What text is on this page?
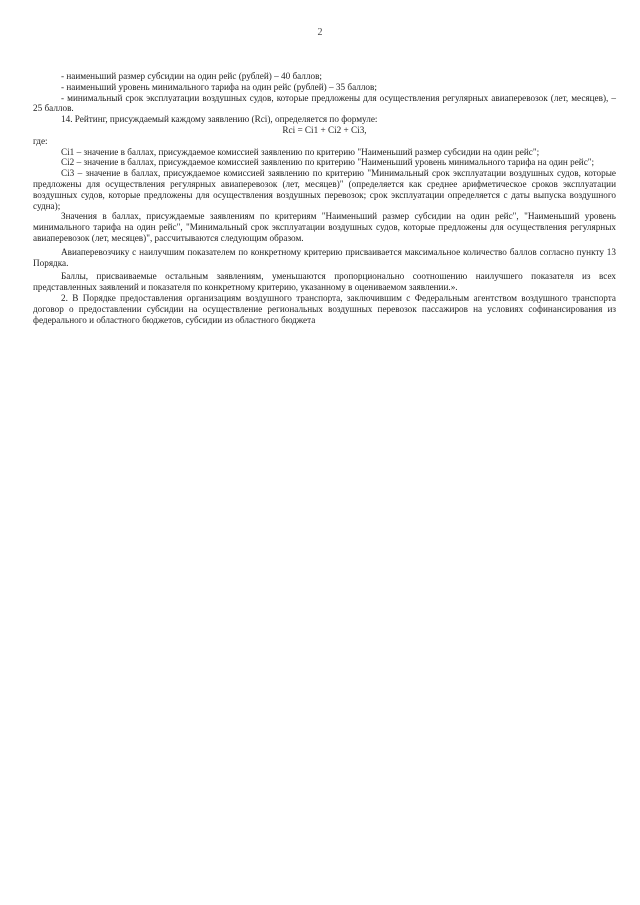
2

- наименьший размер субсидии на один рейс (рублей) – 40 баллов;

- наименьший уровень минимального тарифа на один рейс (рублей) – 35 баллов;

- минимальный срок эксплуатации воздушных судов, которые предложены для осуществления регулярных авиаперевозок (лет, месяцев), – 25 баллов.

14. Рейтинг, присуждаемый каждому заявлению (Rci), определяется по формуле:

Rci = Ci1 + Ci2 + Ci3,

где:

Ci1 – значение в баллах, присуждаемое комиссией заявлению по критерию "Наименьший размер субсидии на один рейс";

Ci2 – значение в баллах, присуждаемое комиссией заявлению по критерию "Наименьший уровень минимального тарифа на один рейс";

Ci3 – значение в баллах, присуждаемое комиссией заявлению по критерию "Минимальный срок эксплуатации воздушных судов, которые предложены для осуществления регулярных авиаперевозок (лет, месяцев)" (определяется как среднее арифметическое сроков эксплуатации воздушных судов, которые предложены для осуществления воздушных перевозок; срок эксплуатации определяется с даты выпуска воздушного судна);

Значения в баллах, присуждаемые заявлениям по критериям "Наименьший размер субсидии на один рейс", "Наименьший уровень минимального тарифа на один рейс", "Минимальный срок эксплуатации воздушных судов, которые предложены для осуществления регулярных авиаперевозок (лет, месяцев)", рассчитываются следующим образом.

Авиаперевозчику с наилучшим показателем по конкретному критерию присваивается максимальное количество баллов согласно пункту 13 Порядка.

Баллы, присваиваемые остальным заявлениям, уменьшаются пропорционально соотношению наилучшего показателя из всех представленных заявлений и показателя по конкретному критерию, указанному в оцениваемом заявлении.».

2. В Порядке предоставления организациям воздушного транспорта, заключившим с Федеральным агентством воздушного транспорта договор о предоставлении субсидии на осуществление региональных воздушных перевозок пассажиров на условиях софинансирования из федерального и областного бюджетов, субсидии из областного бюджета
